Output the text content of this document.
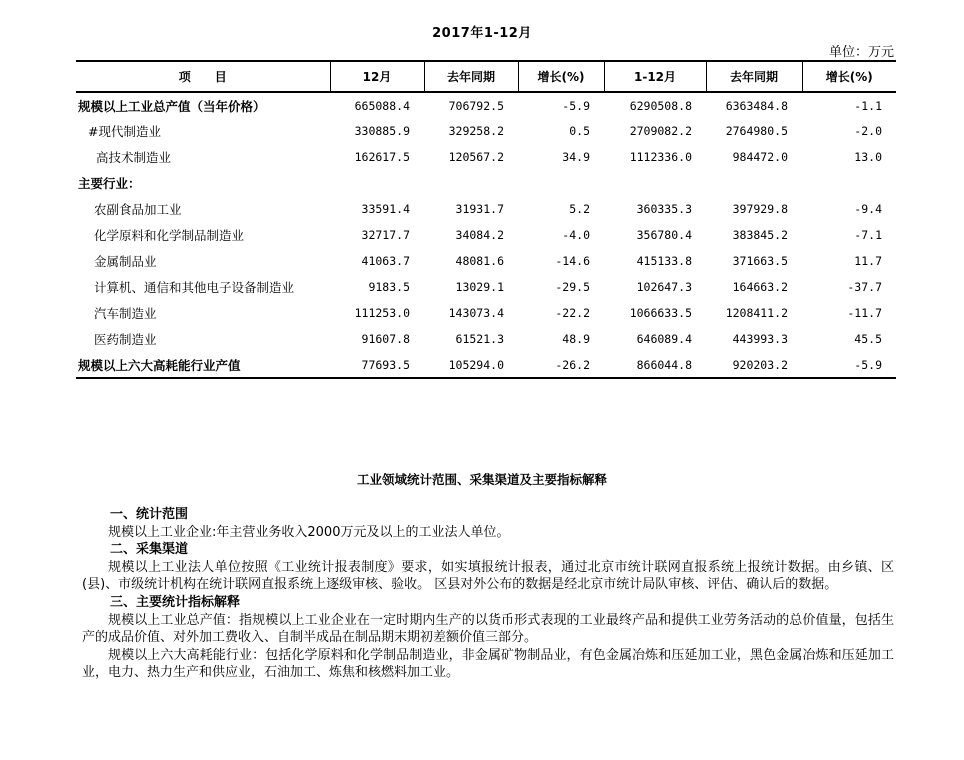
2017年1-12月
单位：万元
项　　目	12月	去年同期	增长(%)	1-12月	去年同期	增长(%)
规模以上工业总产值（当年价格）	665088.4	706792.5	-5.9	6290508.8	6363484.8	-1.1
#现代制造业	330885.9	329258.2	0.5	2709082.2	2764980.5	-2.0
高技术制造业	162617.5	120567.2	34.9	1112336.0	984472.0	13.0
主要行业：						
农副食品加工业	33591.4	31931.7	5.2	360335.3	397929.8	-9.4
化学原料和化学制品制造业	32717.7	34084.2	-4.0	356780.4	383845.2	-7.1
金属制品业	41063.7	48081.6	-14.6	415133.8	371663.5	11.7
计算机、通信和其他电子设备制造业	9183.5	13029.1	-29.5	102647.3	164663.2	-37.7
汽车制造业	111253.0	143073.4	-22.2	1066633.5	1208411.2	-11.7
医药制造业	91607.8	61521.3	48.9	646089.4	443993.3	45.5
规模以上六大高耗能行业产值	77693.5	105294.0	-26.2	866044.8	920203.2	-5.9
工业领域统计范围、采集渠道及主要指标解释
一、统计范围
规模以上工业企业:年主营业务收入2000万元及以上的工业法人单位。
二、采集渠道
规模以上工业法人单位按照《工业统计报表制度》要求，如实填报统计报表，通过北京市统计联网直报系统上报统计数据。由乡镇、区(县)、市级统计机构在统计联网直报系统上逐级审核、验收。 区县对外公布的数据是经北京市统计局队审核、评估、确认后的数据。
三、主要统计指标解释
规模以上工业总产值：指规模以上工业企业在一定时期内生产的以货币形式表现的工业最终产品和提供工业劳务活动的总价值量，包括生产的成品价值、对外加工费收入、自制半成品在制品期末期初差额价值三部分。
规模以上六大高耗能行业：包括化学原料和化学制品制造业，非金属矿物制品业，有色金属冶炼和压延加工业，黑色金属冶炼和压延加工业，电力、热力生产和供应业，石油加工、炼焦和核燃料加工业。
